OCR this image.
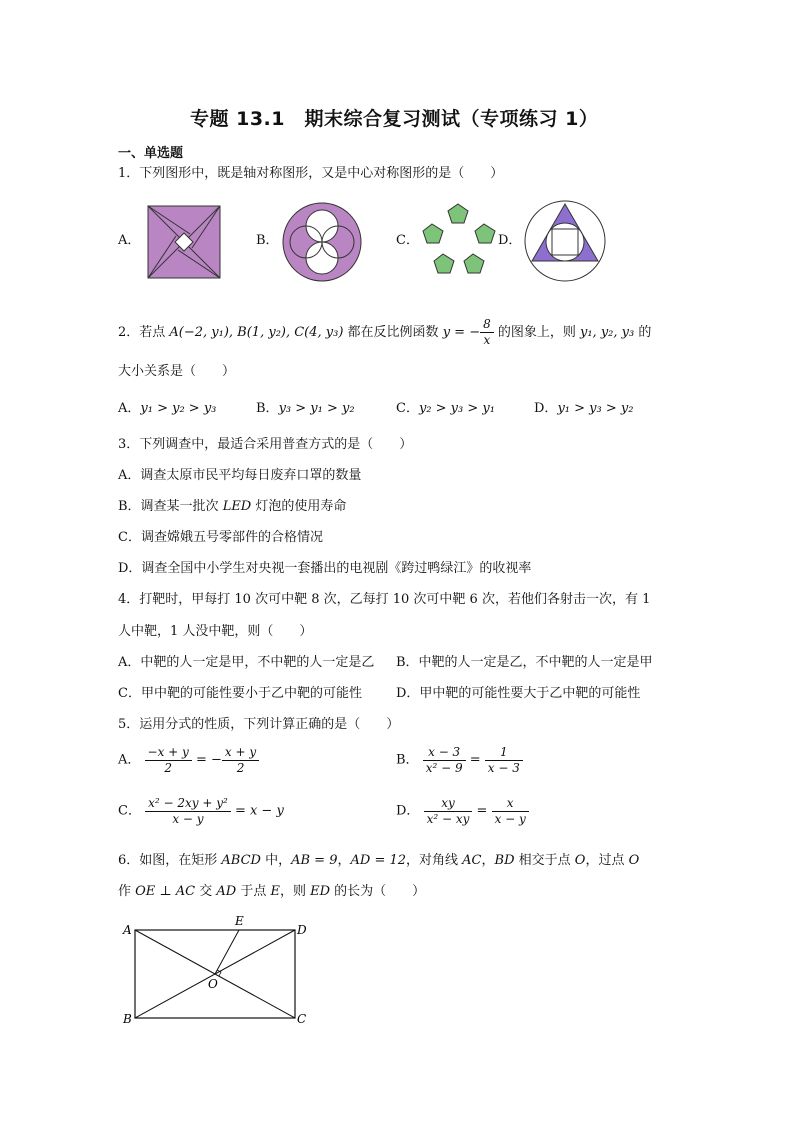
专题 13.1　期末综合复习测试（专项练习 1）
一、单选题
1．下列图形中，既是轴对称图形，又是中心对称图形的是（　　）
A．	B．	C．	D．
2．若点 A(−2, y₁), B(1, y₂), C(4, y₃) 都在反比例函数 y = − $\frac{8}{x}$ 的图象上，则 y₁, y₂, y₃ 的
大小关系是（　　）
A．y₁ > y₂ > y₃	B．y₃ > y₁ > y₂	C．y₂ > y₃ > y₁	D．y₁ > y₃ > y₂
3．下列调查中，最适合采用普查方式的是（　　）
A．调查太原市民平均每日废弃口罩的数量
B．调查某一批次 LED 灯泡的使用寿命
C．调查嫦娥五号零部件的合格情况
D．调查全国中小学生对央视一套播出的电视剧《跨过鸭绿江》的收视率
4．打靶时，甲每打 10 次可中靶 8 次，乙每打 10 次可中靶 6 次，若他们各射击一次，有 1
人中靶，1 人没中靶，则（　　）
A．中靶的人一定是甲，不中靶的人一定是乙 B．中靶的人一定是乙，不中靶的人一定是甲
C．甲中靶的可能性要小于乙中靶的可能性	D．甲中靶的可能性要大于乙中靶的可能性
5．运用分式的性质，下列计算正确的是（　　）
A． $\frac{-x + y}{2}$ = − $\frac{x + y}{2}$	B． $\frac{x - 3}{\text{x² − 9}} = \frac{1}{x - 3}$
C． $\frac{\text{x² − 2xy + y²}}{x - y} = x - y$	D． $\frac{xy}{\text{x² − xy}} = \frac{x}{x - y}$
6．如图，在矩形 ABCD 中，AB = 9，AD = 12，对角线 AC，BD 相交于点 O，过点 O
作 OE ⊥ AC 交 AD 于点 E，则 ED 的长为（　　）
A
B	C
D
E
O
